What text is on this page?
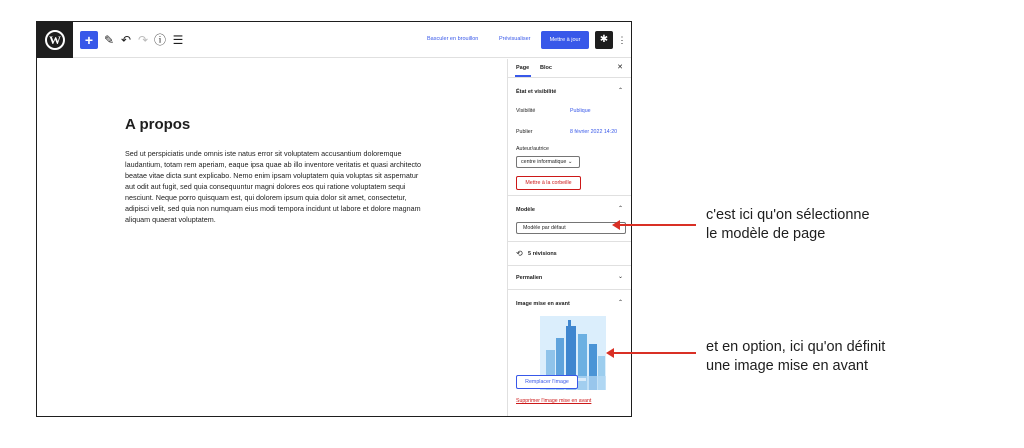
W	+ ✎ ↶ ↷ ⓘ ☰	Basculer en brouillon	Prévisualiser	Mettre à jour	✱	⋮
A propos
Sed ut perspiciatis unde omnis iste natus error sit voluptatem accusantium doloremque laudantium, totam rem aperiam, eaque ipsa quae ab illo inventore veritatis et quasi architecto beatae vitae dicta sunt explicabo. Nemo enim ipsam voluptatem quia voluptas sit aspernatur aut odit aut fugit, sed quia consequuntur magni dolores eos qui ratione voluptatem sequi nesciunt. Neque porro quisquam est, qui dolorem ipsum quia dolor sit amet, consectetur, adipisci velit, sed quia non numquam eius modi tempora incidunt ut labore et dolore magnam aliquam quaerat voluptatem.
Page Bloc	✕
État et visibilité	⌃
Visibilité	Publique
Publier	8 février 2022 14:20
Auteur/autrice
centre informatique ⌄
Mettre à la corbeille
Modèle	⌃
Modèle par défaut
⟲ 5 révisions
Permalien	⌄
Image mise en avant	⌃
Remplacer l'image
Supprimer l'image mise en avant
c'est ici qu'on sélectionne
le modèle de page
et en option, ici qu'on définit
une image mise en avant
